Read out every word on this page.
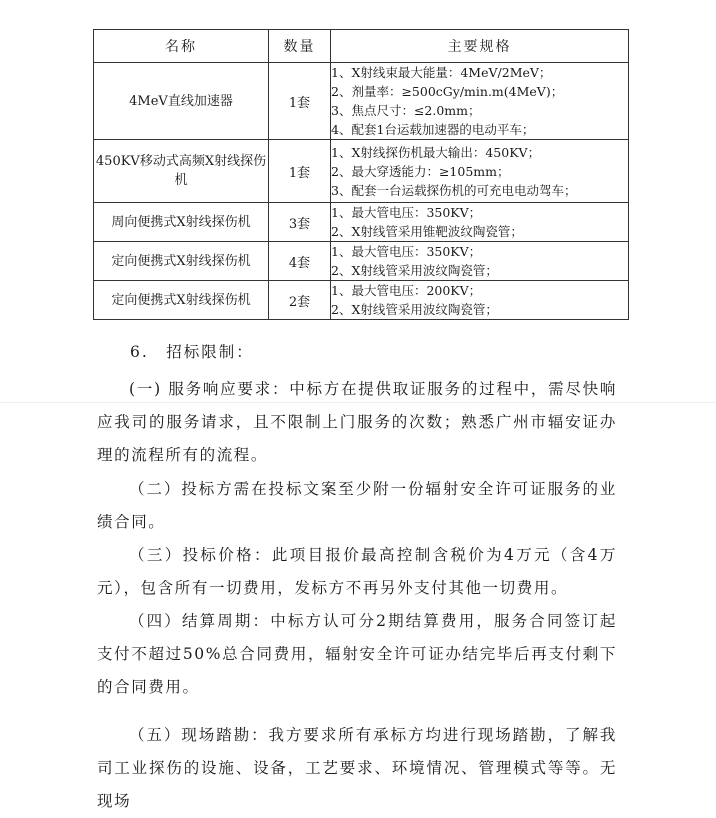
名称	数量	主要规格
4MeV直线加速器	1套	1、X射线束最大能量：4MeV/2MeV；
2、剂量率：≥500cGy/min.m(4MeV)；
3、焦点尺寸：≤2.0mm；
4、配套1台运载加速器的电动平车；

450KV移动式高频X射线探伤机	1套	1、X射线探伤机最大输出：450KV；
2、最大穿透能力：≥105mm；
3、配套一台运载探伤机的可充电电动驾车；

周向便携式X射线探伤机	3套	1、最大管电压：350KV；
2、X射线管采用锥靶波纹陶瓷管；

定向便携式X射线探伤机	4套	1、最大管电压：350KV；
2、X射线管采用波纹陶瓷管；

定向便携式X射线探伤机	2套	1、最大管电压：200KV；
2、X射线管采用波纹陶瓷管；
6.　招标限制：

(一) 服务响应要求：中标方在提供取证服务的过程中，需尽快响应我司的服务请求，且不限制上门服务的次数；熟悉广州市辐安证办理的流程所有的流程。

（二）投标方需在投标文案至少附一份辐射安全许可证服务的业绩合同。

（三）投标价格：此项目报价最高控制含税价为4万元（含4万元），包含所有一切费用，发标方不再另外支付其他一切费用。

（四）结算周期：中标方认可分2期结算费用，服务合同签订起支付不超过50%总合同费用，辐射安全许可证办结完毕后再支付剩下的合同费用。

（五）现场踏勘：我方要求所有承标方均进行现场踏勘，了解我司工业探伤的设施、设备，工艺要求、环境情况、管理模式等等。无现场
